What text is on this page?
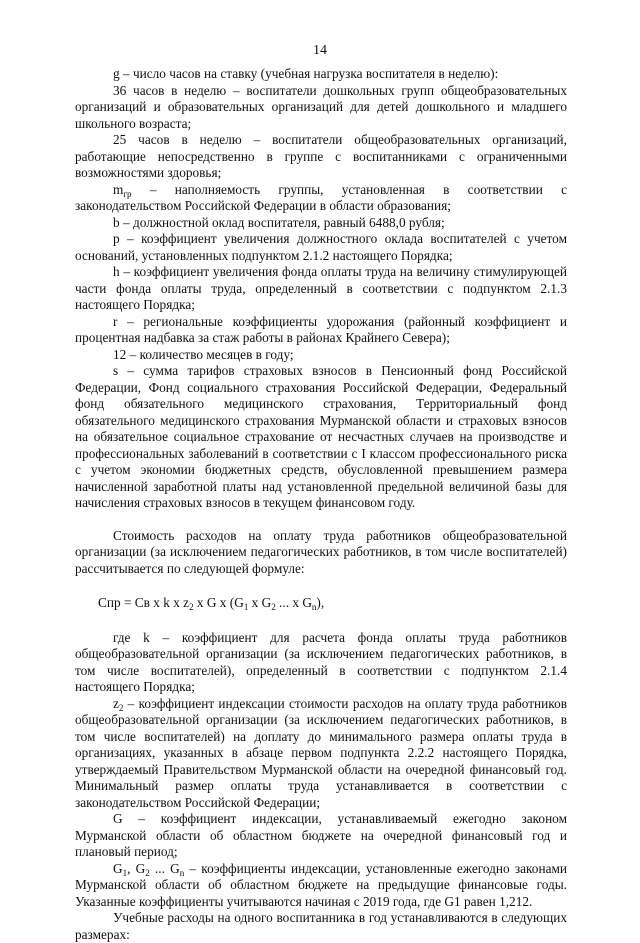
14

g – число часов на ставку (учебная нагрузка воспитателя в неделю):

36 часов в неделю – воспитатели дошкольных групп общеобразовательных организаций и образовательных организаций для детей дошкольного и младшего школьного возраста;

25 часов в неделю – воспитатели общеобразовательных организаций, работающие непосредственно в группе с воспитанниками с ограниченными возможностями здоровья;

$m_{гр}$ – наполняемость группы, установленная в соответствии с законодательством Российской Федерации в области образования;

b – должностной оклад воспитателя, равный 6488,0 рубля;

p – коэффициент увеличения должностного оклада воспитателей с учетом оснований, установленных подпунктом 2.1.2 настоящего Порядка;

h – коэффициент увеличения фонда оплаты труда на величину стимулирующей части фонда оплаты труда, определенный в соответствии с подпунктом 2.1.3 настоящего Порядка;

r – региональные коэффициенты удорожания (районный коэффициент и процентная надбавка за стаж работы в районах Крайнего Севера);

12 – количество месяцев в году;

s – сумма тарифов страховых взносов в Пенсионный фонд Российской Федерации, Фонд социального страхования Российской Федерации, Федеральный фонд обязательного медицинского страхования, Территориальный фонд обязательного медицинского страхования Мурманской области и страховых взносов на обязательное социальное страхование от несчастных случаев на производстве и профессиональных заболеваний в соответствии с I классом профессионального риска с учетом экономии бюджетных средств, обусловленной превышением размера начисленной заработной платы над установленной предельной величиной базы для начисления страховых взносов в текущем финансовом году.

Стоимость расходов на оплату труда работников общеобразовательной организации (за исключением педагогических работников, в том числе воспитателей) рассчитывается по следующей формуле:

Cпр = Cв x k x $z_2$ x G x ($G_1$ x $G_2$ ... x $G_n$),

где k – коэффициент для расчета фонда оплаты труда работников общеобразовательной организации (за исключением педагогических работников, в том числе воспитателей), определенный в соответствии с подпунктом 2.1.4 настоящего Порядка;

$z_2$ – коэффициент индексации стоимости расходов на оплату труда работников общеобразовательной организации (за исключением педагогических работников, в том числе воспитателей) на доплату до минимального размера оплаты труда в организациях, указанных в абзаце первом подпункта 2.2.2 настоящего Порядка, утверждаемый Правительством Мурманской области на очередной финансовый год. Минимальный размер оплаты труда устанавливается в соответствии с законодательством Российской Федерации;

G – коэффициент индексации, устанавливаемый ежегодно законом Мурманской области об областном бюджете на очередной финансовый год и плановый период;

$G_1$, $G_2$ ... $G_n$ – коэффициенты индексации, установленные ежегодно законами Мурманской области об областном бюджете на предыдущие финансовые годы. Указанные коэффициенты учитываются начиная с 2019 года, где G1 равен 1,212.

Учебные расходы на одного воспитанника в год устанавливаются в следующих размерах:
